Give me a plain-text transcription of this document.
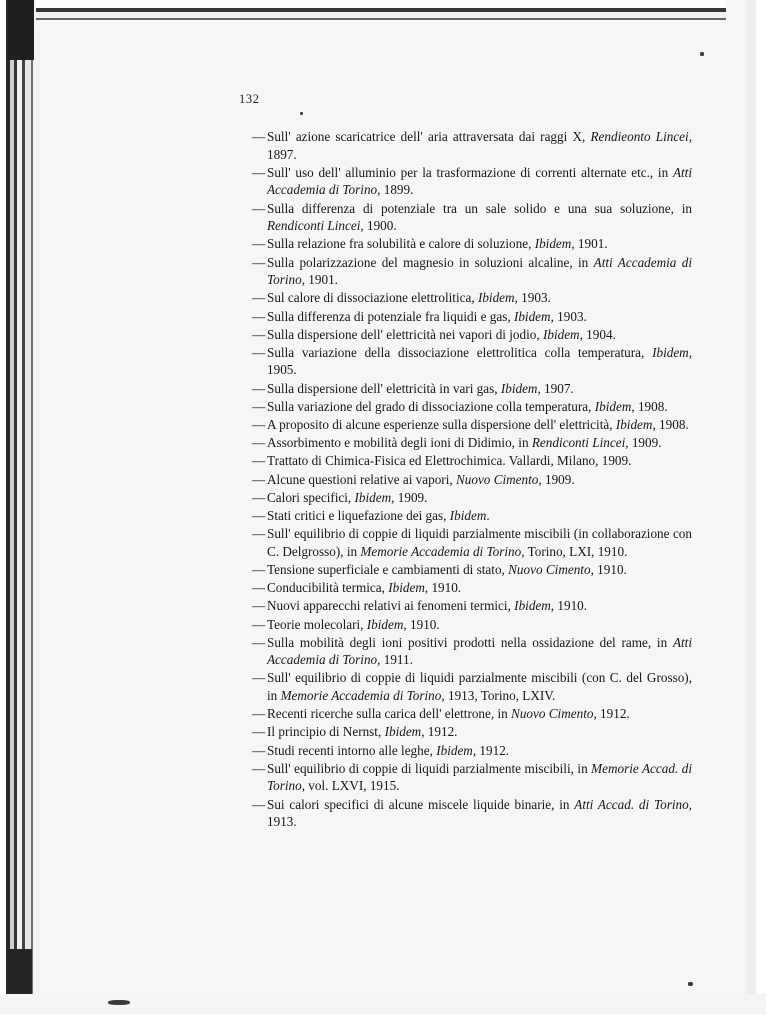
132
— Sull' azione scaricatrice dell' aria attraversata dai raggi X, Rendieonto Lincei, 1897.
— Sull' uso dell' alluminio per la trasformazione di correnti alternate etc., in Atti Accademia di Torino, 1899.
— Sulla differenza di potenziale tra un sale solido e una sua soluzione, in Rendiconti Lincei, 1900.
— Sulla relazione fra solubilità e calore di soluzione, Ibidem, 1901.
— Sulla polarizzazione del magnesio in soluzioni alcaline, in Atti Accademia di Torino, 1901.
— Sul calore di dissociazione elettrolitica, Ibidem, 1903.
— Sulla differenza di potenziale fra liquidi e gas, Ibidem, 1903.
— Sulla dispersione dell' elettricità nei vapori di jodio, Ibidem, 1904.
— Sulla variazione della dissociazione elettrolitica colla temperatura, Ibidem, 1905.
— Sulla dispersione dell' elettricità in vari gas, Ibidem, 1907.
— Sulla variazione del grado di dissociazione colla temperatura, Ibidem, 1908.
— A proposito di alcune esperienze sulla dispersione dell' elettricità, Ibidem, 1908.
— Assorbimento e mobilità degli ioni di Didimio, in Rendiconti Lincei, 1909.
— Trattato di Chimica-Fisica ed Elettrochimica. Vallardi, Milano, 1909.
— Alcune questioni relative ai vapori, Nuovo Cimento, 1909.
— Calori specifici, Ibidem, 1909.
— Stati critici e liquefazione dei gas, Ibidem.
— Sull' equilibrio di coppie di liquidi parzialmente miscibili (in collaborazione con C. Delgrosso), in Memorie Accademia di Torino, Torino, LXI, 1910.
— Tensione superficiale e cambiamenti di stato, Nuovo Cimento, 1910.
— Conducibilità termica, Ibidem, 1910.
— Nuovi apparecchi relativi ai fenomeni termici, Ibidem, 1910.
— Teorie molecolari, Ibidem, 1910.
— Sulla mobilità degli ioni positivi prodotti nella ossidazione del rame, in Atti Accademia di Torino, 1911.
— Sull' equilibrio di coppie di liquidi parzialmente miscibili (con C. del Grosso), in Memorie Accademia di Torino, 1913, Torino, LXIV.
— Recenti ricerche sulla carica dell' elettrone, in Nuovo Cimento, 1912.
— Il principio di Nernst, Ibidem, 1912.
— Studi recenti intorno alle leghe, Ibidem, 1912.
— Sull' equilibrio di coppie di liquidi parzialmente miscibili, in Memorie Accad. di Torino, vol. LXVI, 1915.
— Sui calori specifici di alcune miscele liquide binarie, in Atti Accad. di Torino, 1913.
